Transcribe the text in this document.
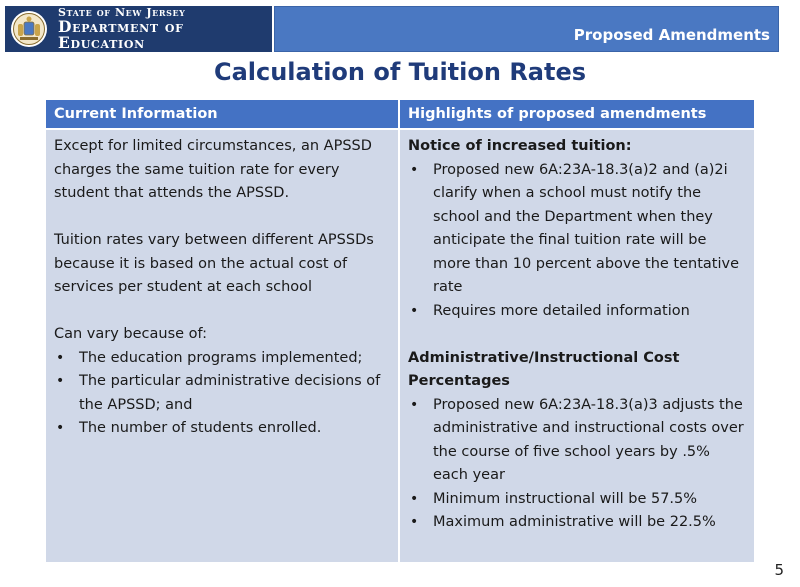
State of New Jersey
Department of Education	Proposed Amendments
Calculation of Tuition Rates
Current Information	Highlights of proposed amendments

Except for limited circumstances, an APSSD charges the same tuition rate for every student that attends the APSSD.

Tuition rates vary between different APSSDs because it is based on the actual cost of services per student at each school

Can vary because of:

• The education programs implemented;
• The particular administrative decisions of the APSSD; and
• The number of students enrolled.

Notice of increased tuition:

• Proposed new 6A:23A-18.3(a)2 and (a)2i clarify when a school must notify the school and the Department when they anticipate the final tuition rate will be more than 10 percent above the tentative rate
• Requires more detailed information

Administrative/Instructional Cost Percentages

• Proposed new 6A:23A-18.3(a)3 adjusts the administrative and instructional costs over the course of five school years by .5% each year
• Minimum instructional will be 57.5%
• Maximum administrative will be 22.5%
5
